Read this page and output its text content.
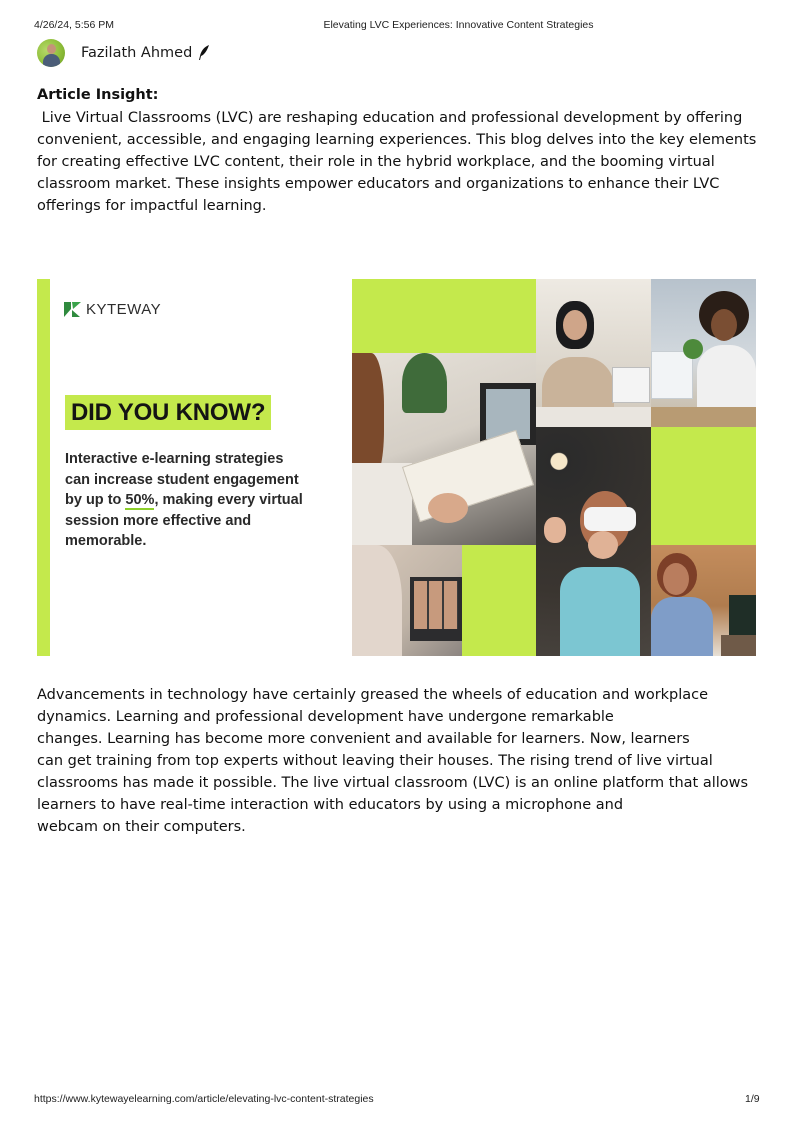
4/26/24, 5:56 PM	Elevating LVC Experiences: Innovative Content Strategies
Fazilath Ahmed
Article Insight:

Live Virtual Classrooms (LVC) are reshaping education and professional development by offering
convenient, accessible, and engaging learning experiences. This blog delves into the key elements
for creating effective LVC content, their role in the hybrid workplace, and the booming virtual
classroom market. These insights empower educators and organizations to enhance their LVC
offerings for impactful learning.

KYTEWAY
DID YOU KNOW?

Interactive e-learning strategies
can increase student engagement
by up to 50%, making every virtual
session more effective and
memorable.

Advancements in technology have certainly greased the wheels of education and workplace
dynamics. Learning and professional development have undergone remarkable
changes. Learning has become more convenient and available for learners. Now, learners
can get training from top experts without leaving their houses. The rising trend of live virtual
classrooms has made it possible. The live virtual classroom (LVC) is an online platform that allows
learners to have real-time interaction with educators by using a microphone and
webcam on their computers.

https://www.kytewayelearning.com/article/elevating-lvc-content-strategies	1/9
